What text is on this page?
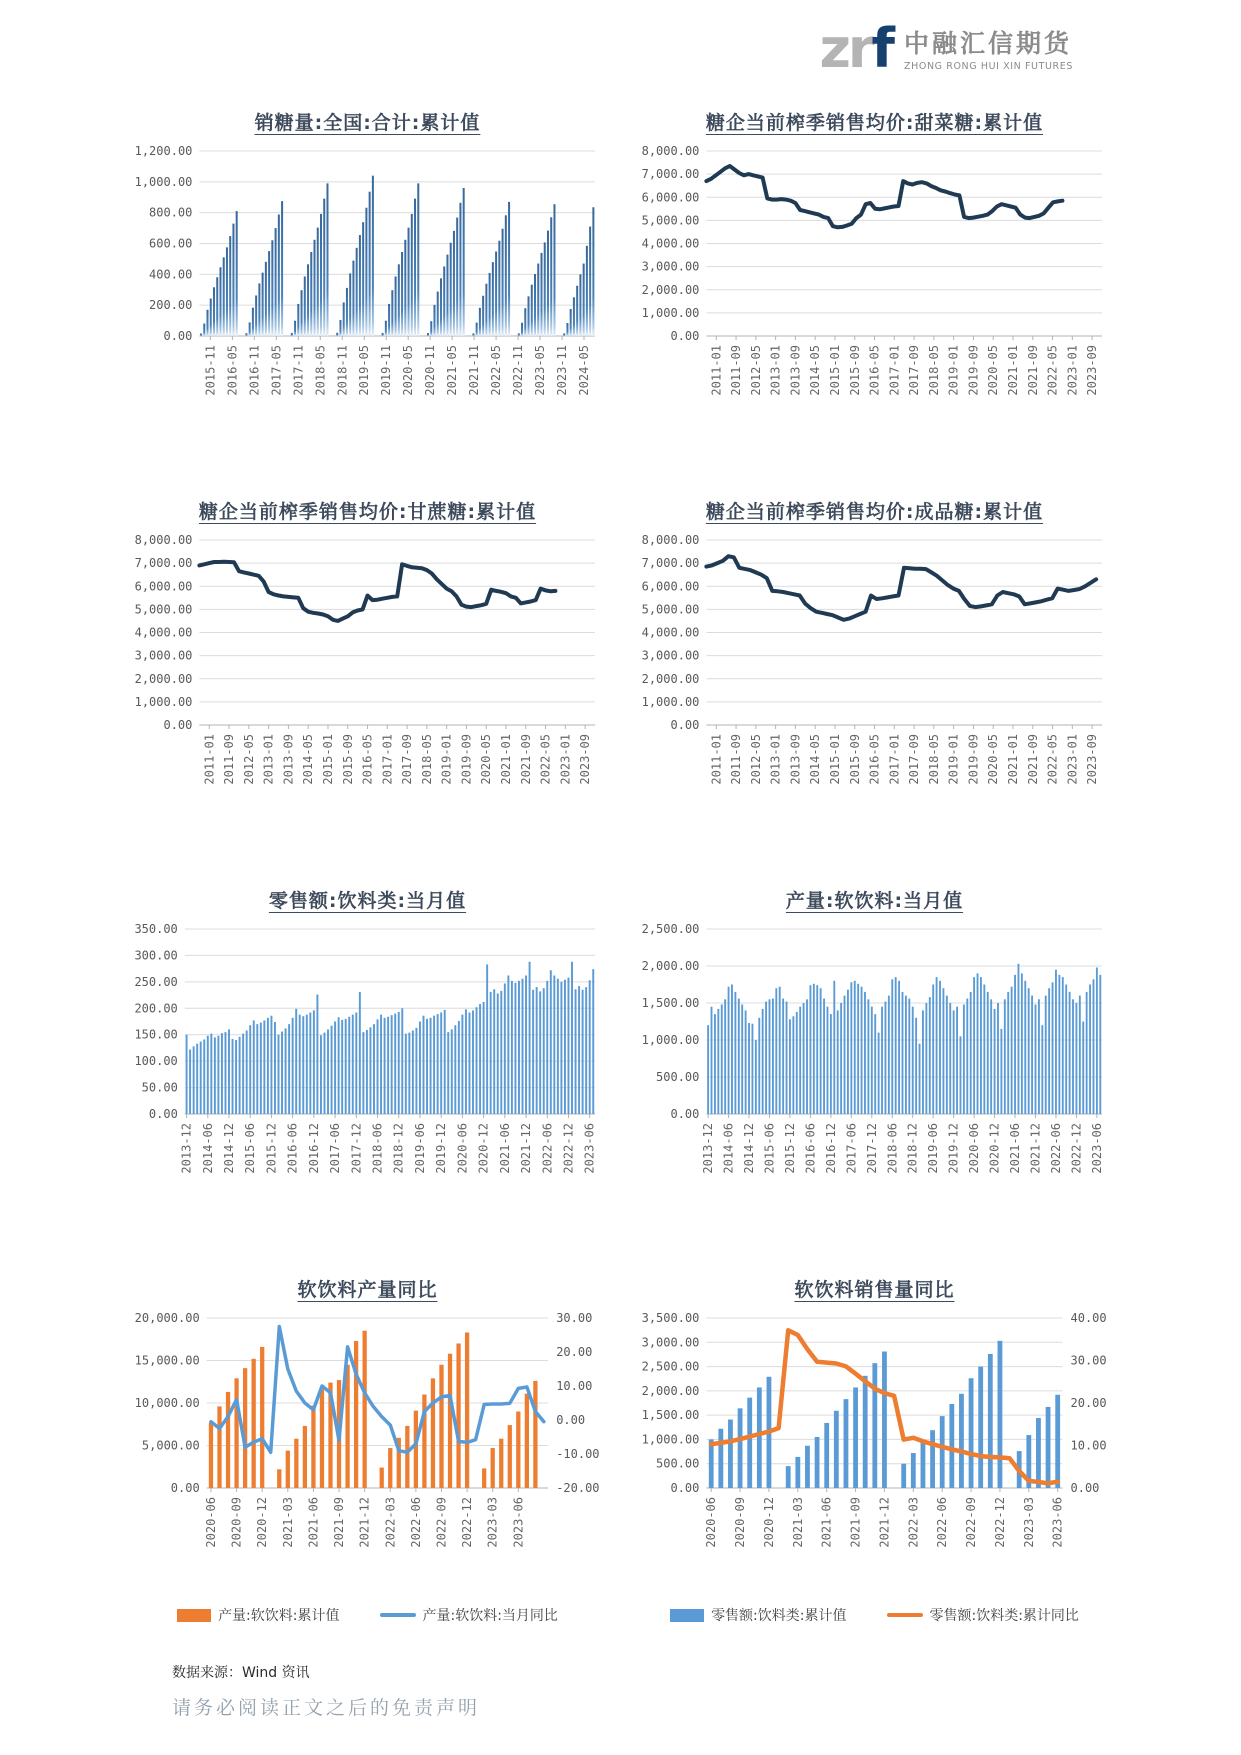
zrf 中融汇信期货
ZHONG RONG HUI XIN FUTURES
销糖量:全国:合计:累计值
0.00
200.00
400.00
600.00
800.00
1,000.00
1,200.00
2015-11 2016-05 2016-11 2017-05 2017-11 2018-05 2018-11 2019-05 2019-11 2020-05 2020-11 2021-05 2021-11 2022-05 2022-11 2023-05 2023-11 2024-05
糖企当前榨季销售均价:甜菜糖:累计值
0.00
1,000.00
2,000.00
3,000.00
4,000.00
5,000.00
6,000.00
7,000.00
8,000.00
2011-01 2011-09 2012-05 2013-01 2013-09 2014-05 2015-01 2015-09 2016-05 2017-01 2017-09 2018-05 2019-01 2019-09 2020-05 2021-01 2021-09 2022-05 2023-01 2023-09
糖企当前榨季销售均价:甘蔗糖:累计值
0.00
1,000.00
2,000.00
3,000.00
4,000.00
5,000.00
6,000.00
7,000.00
8,000.00
2011-01 2011-09 2012-05 2013-01 2013-09 2014-05 2015-01 2015-09 2016-05 2017-01 2017-09 2018-05 2019-01 2019-09 2020-05 2021-01 2021-09 2022-05 2023-01 2023-09
糖企当前榨季销售均价:成品糖:累计值
0.00
1,000.00
2,000.00
3,000.00
4,000.00
5,000.00
6,000.00
7,000.00
8,000.00
2011-01 2011-09 2012-05 2013-01 2013-09 2014-05 2015-01 2015-09 2016-05 2017-01 2017-09 2018-05 2019-01 2019-09 2020-05 2021-01 2021-09 2022-05 2023-01 2023-09
零售额:饮料类:当月值
0.00
50.00
100.00
150.00
200.00
250.00
300.00
350.00
2013-12 2014-06 2014-12 2015-06 2015-12 2016-06 2016-12 2017-06 2017-12 2018-06 2018-12 2019-06 2019-12 2020-06 2020-12 2021-06 2021-12 2022-06 2022-12 2023-06
产量:软饮料:当月值
0.00
500.00
1,000.00
1,500.00
2,000.00
2,500.00
2013-12 2014-06 2014-12 2015-06 2015-12 2016-06 2016-12 2017-06 2017-12 2018-06 2018-12 2019-06 2019-12 2020-06 2020-12 2021-06 2021-12 2022-06 2022-12 2023-06
软饮料产量同比
0.00
5,000.00
10,000.00
15,000.00
20,000.00
-20.00
-10.00
0.00
10.00
20.00
30.00
2020-06 2020-09 2020-12 2021-03 2021-06 2021-09 2021-12 2022-03 2022-06 2022-09 2022-12 2023-03 2023-06
产量:软饮料:累计值	产量:软饮料:当月同比
软饮料销售量同比
0.00
500.00
1,000.00
1,500.00
2,000.00
2,500.00
3,000.00
3,500.00
0.00
10.00
20.00
30.00
40.00
2020-06 2020-09 2020-12 2021-03 2021-06 2021-09 2021-12 2022-03 2022-06 2022-09 2022-12 2023-03 2023-06
零售额:饮料类:累计值	零售额:饮料类:累计同比
数据来源：Wind 资讯
请务必阅读正文之后的免责声明
